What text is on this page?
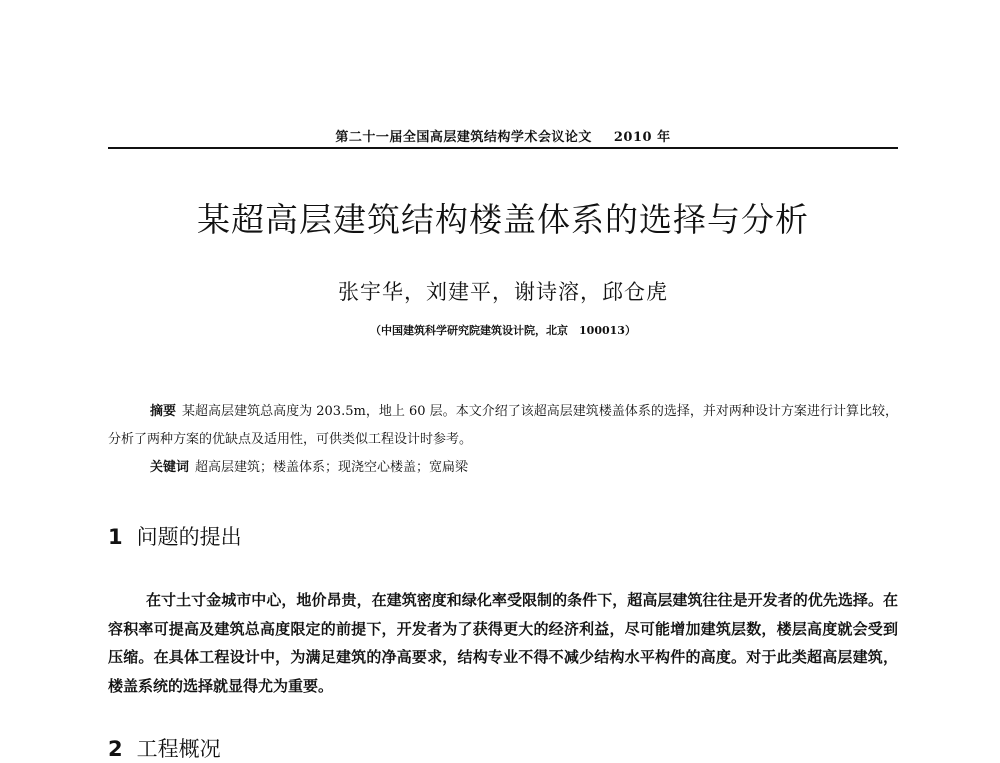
第二十一届全国高层建筑结构学术会议论文 2010 年
某超高层建筑结构楼盖体系的选择与分析
张宇华，刘建平，谢诗溶，邱仓虎
（中国建筑科学研究院建筑设计院，北京　100013）
摘要 某超高层建筑总高度为 203.5m，地上 60 层。本文介绍了该超高层建筑楼盖体系的选择，并对两种设计方案进行计算比较，分析了两种方案的优缺点及适用性，可供类似工程设计时参考。
关键词 超高层建筑；楼盖体系；现浇空心楼盖；宽扁梁
1 问题的提出
在寸土寸金城市中心，地价昂贵，在建筑密度和绿化率受限制的条件下，超高层建筑往往是开发者的优先选择。在容积率可提高及建筑总高度限定的前提下，开发者为了获得更大的经济利益，尽可能增加建筑层数，楼层高度就会受到压缩。在具体工程设计中，为满足建筑的净高要求，结构专业不得不减少结构水平构件的高度。对于此类超高层建筑，楼盖系统的选择就显得尤为重要。
2 工程概况
